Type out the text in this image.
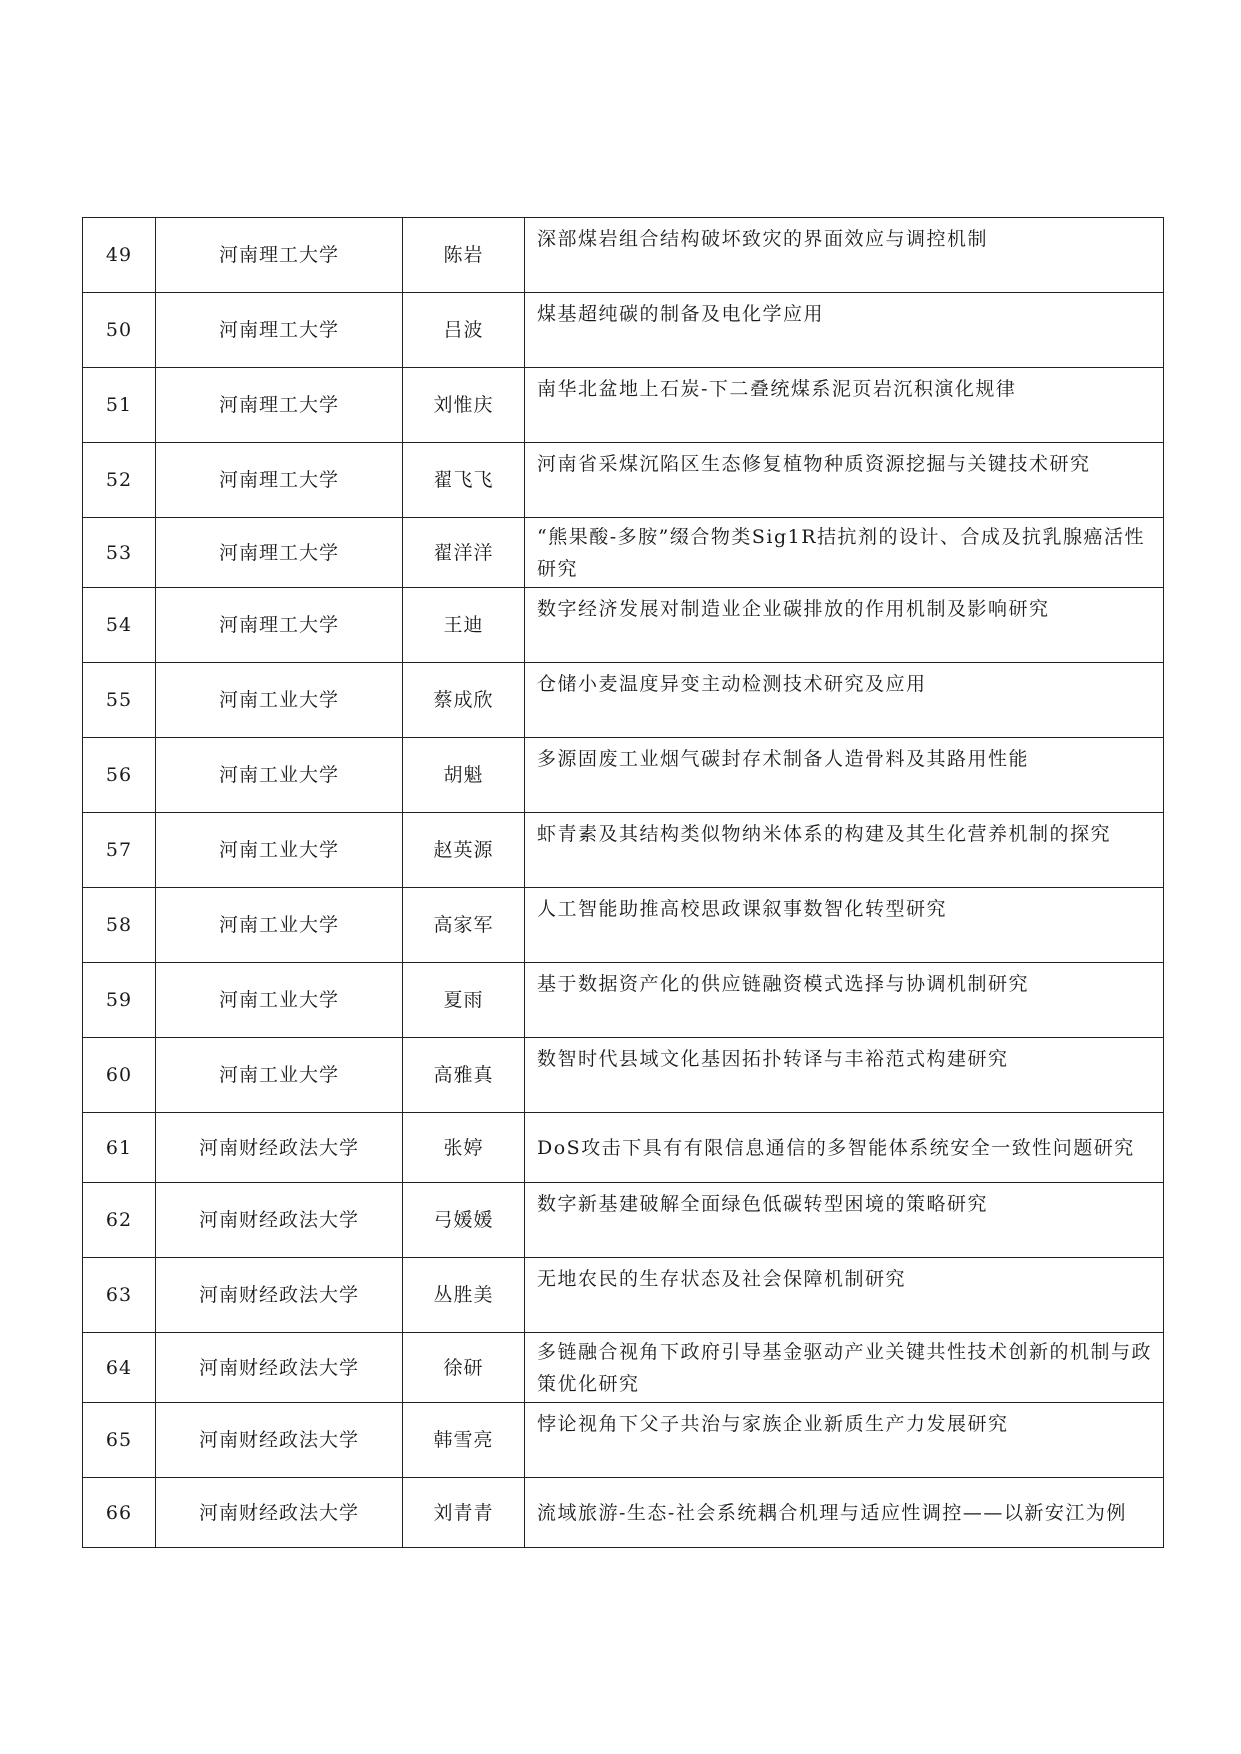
49	河南理工大学	陈岩	深部煤岩组合结构破坏致灾的界面效应与调控机制
50	河南理工大学	吕波	煤基超纯碳的制备及电化学应用
51	河南理工大学	刘惟庆	南华北盆地上石炭-下二叠统煤系泥页岩沉积演化规律
52	河南理工大学	翟飞飞	河南省采煤沉陷区生态修复植物种质资源挖掘与关键技术研究
53	河南理工大学	翟洋洋	“熊果酸-多胺”缀合物类Sig1R拮抗剂的设计、合成及抗乳腺癌活性研究
54	河南理工大学	王迪	数字经济发展对制造业企业碳排放的作用机制及影响研究
55	河南工业大学	蔡成欣	仓储小麦温度异变主动检测技术研究及应用
56	河南工业大学	胡魁	多源固废工业烟气碳封存术制备人造骨料及其路用性能
57	河南工业大学	赵英源	虾青素及其结构类似物纳米体系的构建及其生化营养机制的探究
58	河南工业大学	高家军	人工智能助推高校思政课叙事数智化转型研究
59	河南工业大学	夏雨	基于数据资产化的供应链融资模式选择与协调机制研究
60	河南工业大学	高雅真	数智时代县域文化基因拓扑转译与丰裕范式构建研究
61	河南财经政法大学	张婷	DoS攻击下具有有限信息通信的多智能体系统安全一致性问题研究
62	河南财经政法大学	弓媛媛	数字新基建破解全面绿色低碳转型困境的策略研究
63	河南财经政法大学	丛胜美	无地农民的生存状态及社会保障机制研究
64	河南财经政法大学	徐研	多链融合视角下政府引导基金驱动产业关键共性技术创新的机制与政策优化研究
65	河南财经政法大学	韩雪亮	悖论视角下父子共治与家族企业新质生产力发展研究
66	河南财经政法大学	刘青青	流域旅游-生态-社会系统耦合机理与适应性调控——以新安江为例
